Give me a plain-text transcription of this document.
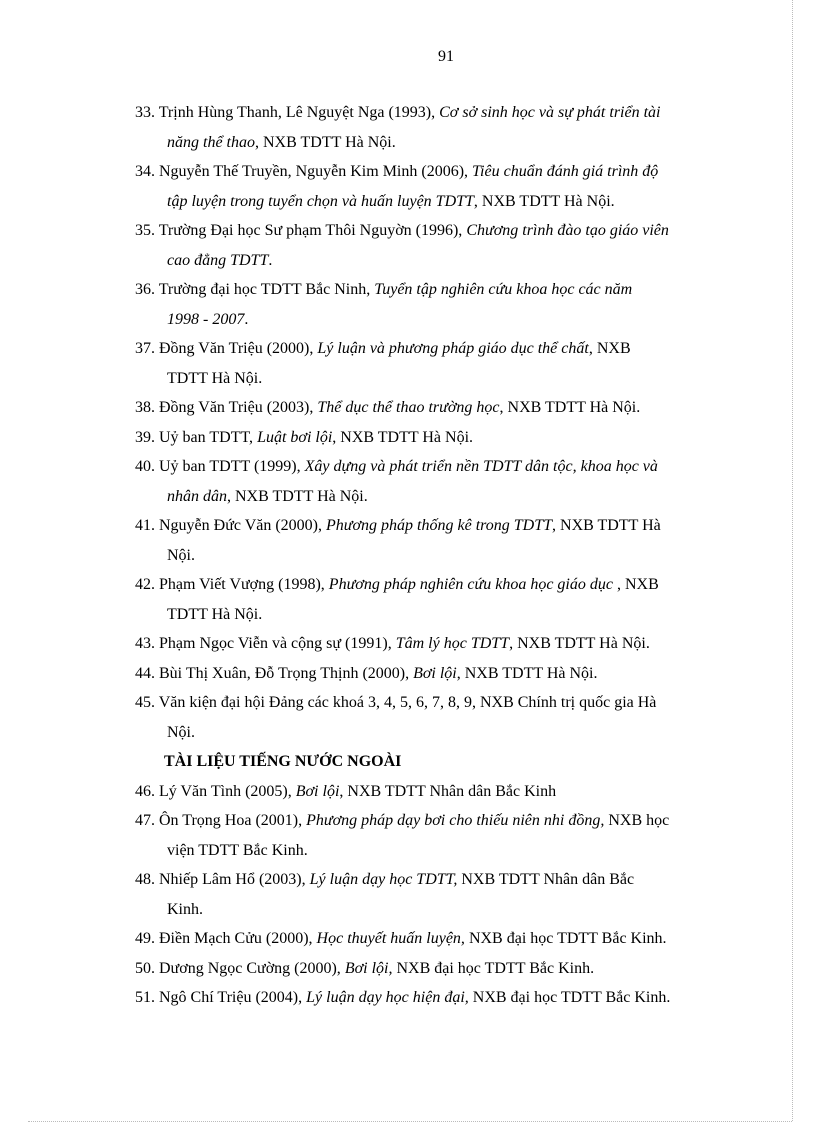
91
33. Trịnh Hùng Thanh, Lê Nguyệt Nga (1993), Cơ sở sinh học và sự phát triển tài
năng thể thao, NXB TDTT Hà Nội.
34. Nguyễn Thế Truyền, Nguyễn Kim Minh (2006), Tiêu chuẩn đánh giá trình độ
tập luyện trong tuyển chọn và huấn luyện TDTT, NXB TDTT Hà Nội.
35. Trường Đại học Sư phạm Thôi Nguyờn (1996), Chương trình đào tạo giáo viên
cao đẳng TDTT.
36. Trường đại học TDTT Bắc Ninh, Tuyển tập nghiên cứu khoa học các năm
1998 - 2007.
37. Đồng Văn Triệu (2000), Lý luận và phương pháp giáo dục thể chất, NXB
TDTT Hà Nội.
38. Đồng Văn Triệu (2003), Thể dục thể thao trường học, NXB TDTT Hà Nội.
39. Uỷ ban TDTT, Luật bơi lội, NXB TDTT Hà Nội.
40. Uỷ ban TDTT (1999), Xây dựng và phát triển nền TDTT dân tộc, khoa học và
nhân dân, NXB TDTT Hà Nội.
41. Nguyễn Đức Văn (2000), Phương pháp thống kê trong TDTT, NXB TDTT Hà
Nội.
42. Phạm Viết Vượng (1998), Phương pháp nghiên cứu khoa học giáo dục , NXB
TDTT Hà Nội.
43. Phạm Ngọc Viễn và cộng sự (1991), Tâm lý học TDTT, NXB TDTT Hà Nội.
44. Bùi Thị Xuân, Đỗ Trọng Thịnh (2000), Bơi lội, NXB TDTT Hà Nội.
45. Văn kiện đại hội Đảng các khoá 3, 4, 5, 6, 7, 8, 9, NXB Chính trị quốc gia Hà
Nội.
TÀI LIỆU TIẾNG NƯỚC NGOÀI
46. Lý Văn Tình (2005), Bơi lội, NXB TDTT Nhân dân Bắc Kinh
47. Ôn Trọng Hoa (2001), Phương pháp dạy bơi cho thiếu niên nhi đồng, NXB học
viện TDTT Bắc Kinh.
48. Nhiếp Lâm Hổ (2003), Lý luận dạy học TDTT, NXB TDTT Nhân dân Bắc
Kinh.
49. Điền Mạch Cửu (2000), Học thuyết huấn luyện, NXB đại học TDTT Bắc Kinh.
50. Dương Ngọc Cường (2000), Bơi lội, NXB đại học TDTT Bắc Kinh.
51. Ngô Chí Triệu (2004), Lý luận dạy học hiện đại, NXB đại học TDTT Bắc Kinh.
